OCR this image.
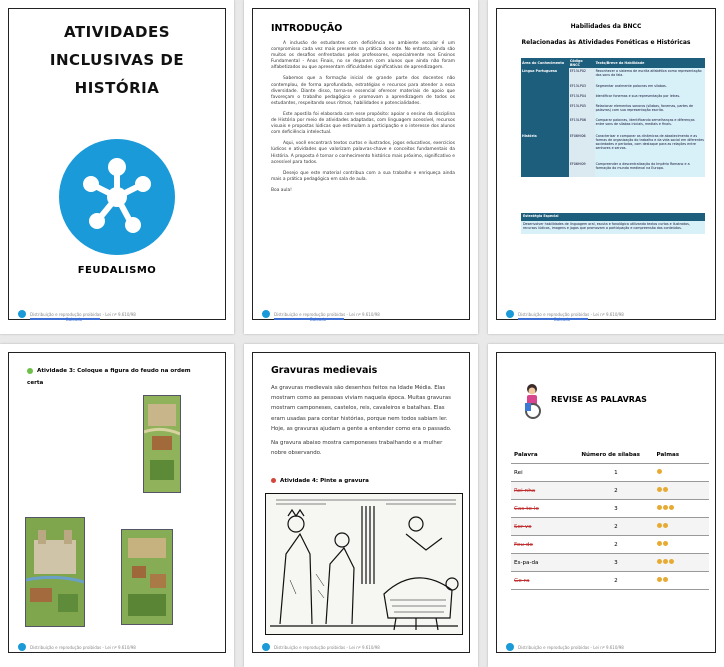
ATIVIDADES
INCLUSIVAS DE
HISTÓRIA
FEUDALISMO
Distribuição e reprodução proibidas - Lei nº 9.610/98
Baixado
INTRODUÇÃO

A inclusão de estudantes com deficiência no ambiente escolar é um compromisso cada vez mais presente na prática docente. No entanto, ainda são muitos os desafios enfrentados pelos professores, especialmente nos Ensinos Fundamental - Anos Finais, no se deparam com alunos que ainda não foram alfabetizados ou que apresentam dificuldades significativas de aprendizagem.

Sabemos que a formação inicial de grande parte dos docentes não contemplou, de forma aprofundada, estratégias e recursos para atender a essa diversidade. Diante disso, torna-se essencial oferecer materiais de apoio que favoreçam o trabalho pedagógico e promovam a aprendizagem de todos os estudantes, respeitando seus ritmos, habilidades e potencialidades.

Este apostila foi elaborada com esse propósito: apoiar o ensino da disciplina de História por meio de atividades adaptadas, com linguagem acessível, recursos visuais e propostas lúdicas que estimulam a participação e o interesse dos alunos com deficiência intelectual.

Aqui, você encontrará textos curtos e ilustrados, jogos educativos, exercícios lúdicos e atividades que valorizam palavras-chave e conceitos fundamentais da História. A proposta é tornar o conhecimento histórico mais próximo, significativo e acessível para todos.

Desejo que este material contribua com a sua trabalho e enriqueça ainda mais a prática pedagógica em sala de aula.

Boa aula!

Distribuição e reprodução proibidas - Lei nº 9.610/98
Baixado
Habilidades da BNCC
Relacionadas às Atividades Fonéticas e Históricas
Área do Conhecimento	Código BNCC	Texto/Breve da Habilidade
Língua Portuguesa	EF15LP02	Reconhecer o sistema de escrita alfabética como representação dos sons da fala.
	EF15LP03	Segmentar oralmente palavras em sílabas.
	EF15LP04	Identificar fonemas e sua representação por letras.
	EF15LP05	Relacionar elementos sonoros (sílabas, fonemas, partes de palavras) com sua representação escrita.
	EF15LP06	Comparar palavras, identificando semelhanças e diferenças entre sons de sílabas iniciais, mediais e finais.
História	EF06HI06	Caracterizar e comparar as dinâmicas de abastecimento e as formas de organização do trabalho e da vida social em diferentes sociedades e períodos, com destaque para as relações entre senhores e servos.
	EF06HI09	Compreender a descentralização do Império Romano e a formação do mundo medieval na Europa.
Estratégia Especial
Desenvolver habilidades de linguagem oral, escuta e fonológica utilizando textos curtos e ilustrados, recursos lúdicos, imagens e jogos que promovam a participação e compreensão dos conteúdos.
Distribuição e reprodução proibidas - Lei nº 9.610/98
Baixado
Atividade 3: Coloque a figura do feudo na ordem certa
Distribuição e reprodução proibidas - Lei nº 9.610/98
Gravuras medievais

As gravuras medievais são desenhos feitos na Idade Média. Elas mostram como as pessoas viviam naquela época. Muitas gravuras mostram camponeses, castelos, reis, cavaleiros e batalhas. Elas eram usadas para contar histórias, porque nem todos sabiam ler. Hoje, as gravuras ajudam a gente a entender como era o passado.

Na gravura abaixo mostra camponeses trabalhando e a mulher nobre observando.

Atividade 4: Pinte a gravura
Distribuição e reprodução proibidas - Lei nº 9.610/98
REVISE AS PALAVRAS
Palavra	Número de sílabas	Palmas
Rei	1	
Rei-nha	2	
Cas-te-lo	3	
Ser-vo	2	
Feu-do	2	
Es-pa-da	3	
Ge-ra	2	
Distribuição e reprodução proibidas - Lei nº 9.610/98
